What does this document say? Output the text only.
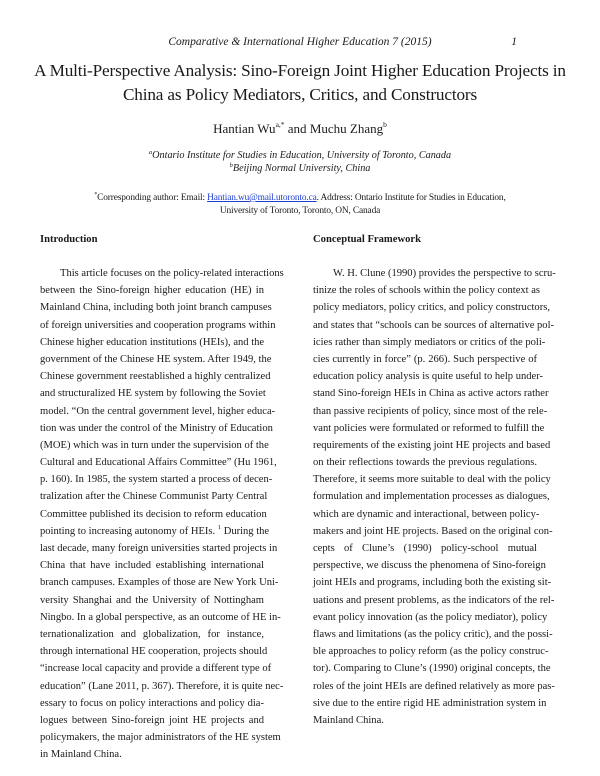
Comparative & International Higher Education 7 (2015)	1
A Multi-Perspective Analysis: Sino-Foreign Joint Higher Education Projects in
China as Policy Mediators, Critics, and Constructors
Hantian $Wu^{a,*}$ and Muchu Zhang$^b$
$^a$Ontario Institute for Studies in Education, University of Toronto, Canada
$^b$Beijing Normal University, China
*Corresponding author: Email: Hantian.wu@mail.utoronto.ca. Address: Ontario Institute for Studies in Education,
University of Toronto, Toronto, ON, Canada
Introduction
This article focuses on the policy-related interactions
between the Sino-foreign higher education (HE) in
Mainland China, including both joint branch campuses
of foreign universities and cooperation programs within
Chinese higher education institutions (HEIs), and the
government of the Chinese HE system. After 1949, the
Chinese government reestablished a highly centralized
and structuralized HE system by following the Soviet
model. “On the central government level, higher educa-
tion was under the control of the Ministry of Education
(MOE) which was in turn under the supervision of the
Cultural and Educational Affairs Committee” (Hu 1961,
p. 160). In 1985, the system started a process of decen-
tralization after the Chinese Communist Party Central
Committee published its decision to reform education
pointing to increasing autonomy of HEIs. $^1$ During the
last decade, many foreign universities started projects in
China that have included establishing international
branch campuses. Examples of those are New York Uni-
versity Shanghai and the University of Nottingham
Ningbo. In a global perspective, as an outcome of HE in-
ternationalization and globalization, for instance,
through international HE cooperation, projects should
“increase local capacity and provide a different type of
education” (Lane 2011, p. 367). Therefore, it is quite nec-
essary to focus on policy interactions and policy dia-
logues between Sino-foreign joint HE projects and
policymakers, the major administrators of the HE system
in Mainland China.
Conceptual Framework
W. H. Clune (1990) provides the perspective to scru-
tinize the roles of schools within the policy context as
policy mediators, policy critics, and policy constructors,
and states that “schools can be sources of alternative pol-
icies rather than simply mediators or critics of the poli-
cies currently in force” (p. 266). Such perspective of
education policy analysis is quite useful to help under-
stand Sino-foreign HEIs in China as active actors rather
than passive recipients of policy, since most of the rele-
vant policies were formulated or reformed to fulfill the
requirements of the existing joint HE projects and based
on their reflections towards the previous regulations.
Therefore, it seems more suitable to deal with the policy
formulation and implementation processes as dialogues,
which are dynamic and interactional, between policy-
makers and joint HE projects. Based on the original con-
cepts of Clune’s (1990) policy-school mutual
perspective, we discuss the phenomena of Sino-foreign
joint HEIs and programs, including both the existing sit-
uations and present problems, as the indicators of the rel-
evant policy innovation (as the policy mediator), policy
flaws and limitations (as the policy critic), and the possi-
ble approaches to policy reform (as the policy construc-
tor). Comparing to Clune’s (1990) original concepts, the
roles of the joint HEIs are defined relatively as more pas-
sive due to the entire rigid HE administration system in
Mainland China.
